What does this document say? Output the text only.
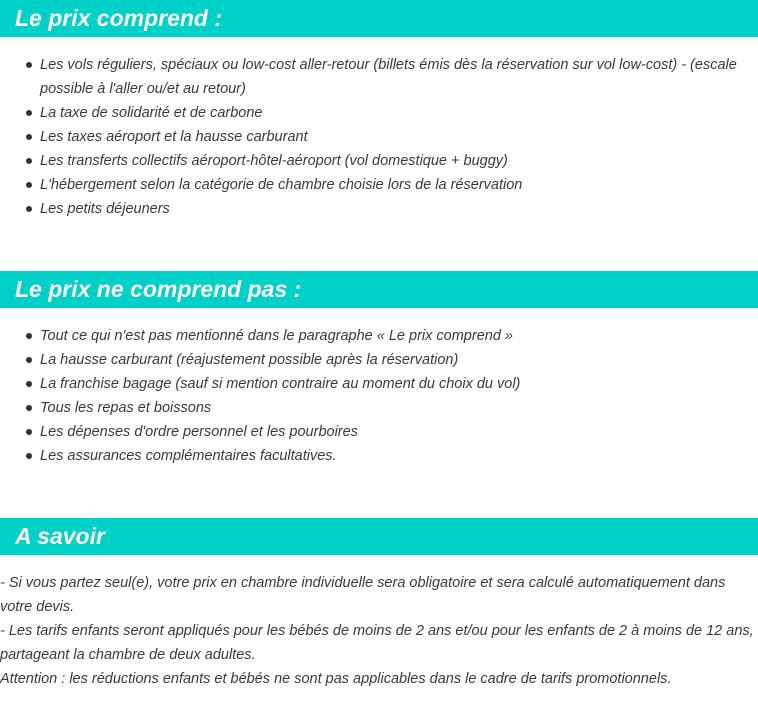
Le prix comprend :
Les vols réguliers, spéciaux ou low-cost aller-retour (billets émis dès la réservation sur vol low-cost) - (escale possible à l'aller ou/et au retour)
La taxe de solidarité et de carbone
Les taxes aéroport et la hausse carburant
Les transferts collectifs aéroport-hôtel-aéroport (vol domestique + buggy)
L'hébergement selon la catégorie de chambre choisie lors de la réservation
Les petits déjeuners
Le prix ne comprend pas :
Tout ce qui n'est pas mentionné dans le paragraphe « Le prix comprend »
La hausse carburant (réajustement possible après la réservation)
La franchise bagage (sauf si mention contraire au moment du choix du vol)
Tous les repas et boissons
Les dépenses d'ordre personnel et les pourboires
Les assurances complémentaires facultatives.
A savoir

- Si vous partez seul(e), votre prix en chambre individuelle sera obligatoire et sera calculé automatiquement dans votre devis.

- Les tarifs enfants seront appliqués pour les bébés de moins de 2 ans et/ou pour les enfants de 2 à moins de 12 ans, partageant la chambre de deux adultes.

Attention : les réductions enfants et bébés ne sont pas applicables dans le cadre de tarifs promotionnels.
